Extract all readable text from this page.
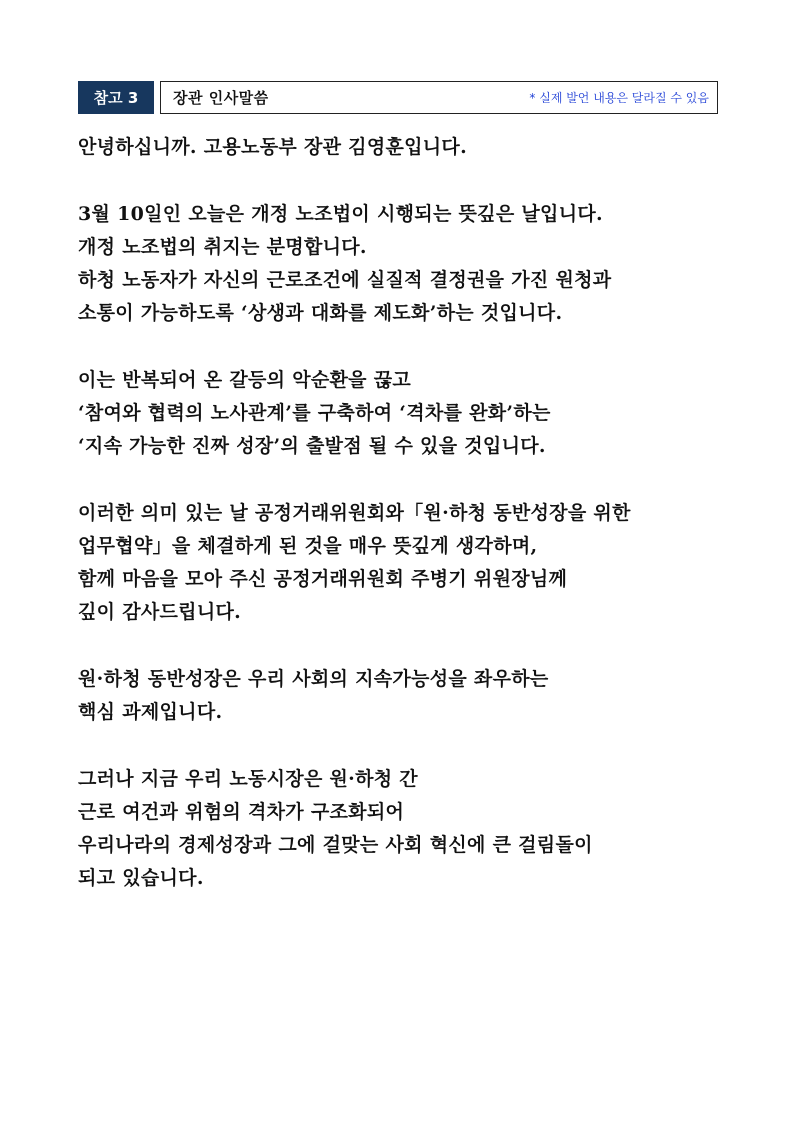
참고 3	장관 인사말씀	* 실제 발언 내용은 달라질 수 있음
안녕하십니까. 고용노동부 장관 김영훈입니다.
3월 10일인 오늘은 개정 노조법이 시행되는 뜻깊은 날입니다.
개정 노조법의 취지는 분명합니다.
하청 노동자가 자신의 근로조건에 실질적 결정권을 가진 원청과
소통이 가능하도록 ‘상생과 대화를 제도화’하는 것입니다.
이는 반복되어 온 갈등의 악순환을 끊고
‘참여와 협력의 노사관계’를 구축하여 ‘격차를 완화’하는
‘지속 가능한 진짜 성장’의 출발점 될 수 있을 것입니다.
이러한 의미 있는 날 공정거래위원회와「원·하청 동반성장을 위한
업무협약」을 체결하게 된 것을 매우 뜻깊게 생각하며,
함께 마음을 모아 주신 공정거래위원회 주병기 위원장님께
깊이 감사드립니다.
원·하청 동반성장은 우리 사회의 지속가능성을 좌우하는
핵심 과제입니다.
그러나 지금 우리 노동시장은 원·하청 간
근로 여건과 위험의 격차가 구조화되어
우리나라의 경제성장과 그에 걸맞는 사회 혁신에 큰 걸림돌이
되고 있습니다.
